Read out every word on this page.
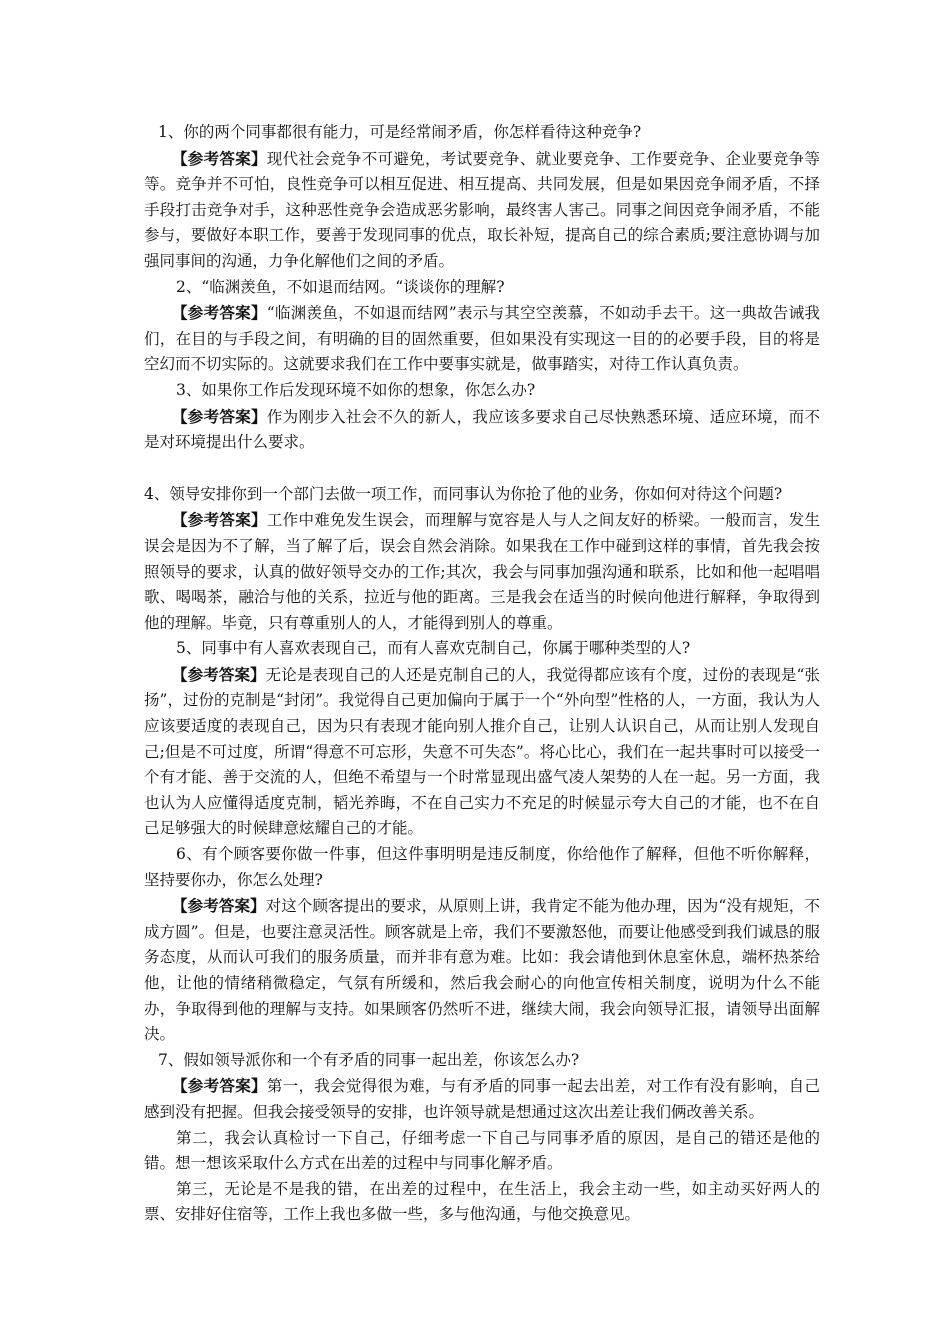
1、你的两个同事都很有能力，可是经常闹矛盾，你怎样看待这种竞争?

【参考答案】现代社会竞争不可避免，考试要竞争、就业要竞争、工作要竞争、企业要竞争等等。竞争并不可怕，良性竞争可以相互促进、相互提高、共同发展，但是如果因竞争闹矛盾，不择手段打击竞争对手，这种恶性竞争会造成恶劣影响，最终害人害己。同事之间因竞争闹矛盾，不能参与，要做好本职工作，要善于发现同事的优点，取长补短，提高自己的综合素质;要注意协调与加强同事间的沟通，力争化解他们之间的矛盾。

2、“临渊羡鱼，不如退而结网。“谈谈你的理解?

【参考答案】“临渊羡鱼，不如退而结网”表示与其空空羡慕，不如动手去干。这一典故告诫我们，在目的与手段之间，有明确的目的固然重要，但如果没有实现这一目的的必要手段，目的将是空幻而不切实际的。这就要求我们在工作中要事实就是，做事踏实，对待工作认真负责。

3、如果你工作后发现环境不如你的想象，你怎么办?

【参考答案】作为刚步入社会不久的新人，我应该多要求自己尽快熟悉环境、适应环境，而不是对环境提出什么要求。

4、领导安排你到一个部门去做一项工作，而同事认为你抢了他的业务，你如何对待这个问题?

【参考答案】工作中难免发生误会，而理解与宽容是人与人之间友好的桥梁。一般而言，发生误会是因为不了解，当了解了后，误会自然会消除。如果我在工作中碰到这样的事情，首先我会按照领导的要求，认真的做好领导交办的工作;其次，我会与同事加强沟通和联系，比如和他一起唱唱歌、喝喝茶，融洽与他的关系，拉近与他的距离。三是我会在适当的时候向他进行解释，争取得到他的理解。毕竟，只有尊重别人的人，才能得到别人的尊重。

5、同事中有人喜欢表现自己，而有人喜欢克制自己，你属于哪种类型的人?

【参考答案】无论是表现自己的人还是克制自己的人，我觉得都应该有个度，过份的表现是“张扬”，过份的克制是“封闭”。我觉得自己更加偏向于属于一个“外向型”性格的人，一方面，我认为人应该要适度的表现自己，因为只有表现才能向别人推介自己，让别人认识自己，从而让别人发现自己;但是不可过度，所谓“得意不可忘形，失意不可失态”。将心比心，我们在一起共事时可以接受一个有才能、善于交流的人，但绝不希望与一个时常显现出盛气凌人架势的人在一起。另一方面，我也认为人应懂得适度克制，韬光养晦，不在自己实力不充足的时候显示夸大自己的才能，也不在自己足够强大的时候肆意炫耀自己的才能。

6、有个顾客要你做一件事，但这件事明明是违反制度，你给他作了解释，但他不听你解释，坚持要你办，你怎么处理?

【参考答案】对这个顾客提出的要求，从原则上讲，我肯定不能为他办理，因为“没有规矩，不成方圆”。但是，也要注意灵活性。顾客就是上帝，我们不要激怒他，而要让他感受到我们诚恳的服务态度，从而认可我们的服务质量，而并非有意为难。比如：我会请他到休息室休息，端杯热茶给他，让他的情绪稍微稳定，气氛有所缓和，然后我会耐心的向他宣传相关制度，说明为什么不能办，争取得到他的理解与支持。如果顾客仍然听不进，继续大闹，我会向领导汇报，请领导出面解决。

7、假如领导派你和一个有矛盾的同事一起出差，你该怎么办?

【参考答案】第一，我会觉得很为难，与有矛盾的同事一起去出差，对工作有没有影响，自己感到没有把握。但我会接受领导的安排，也许领导就是想通过这次出差让我们俩改善关系。

第二，我会认真检讨一下自己，仔细考虑一下自己与同事矛盾的原因，是自己的错还是他的错。想一想该采取什么方式在出差的过程中与同事化解矛盾。

第三，无论是不是我的错，在出差的过程中，在生活上，我会主动一些，如主动买好两人的票、安排好住宿等，工作上我也多做一些，多与他沟通，与他交换意见。
